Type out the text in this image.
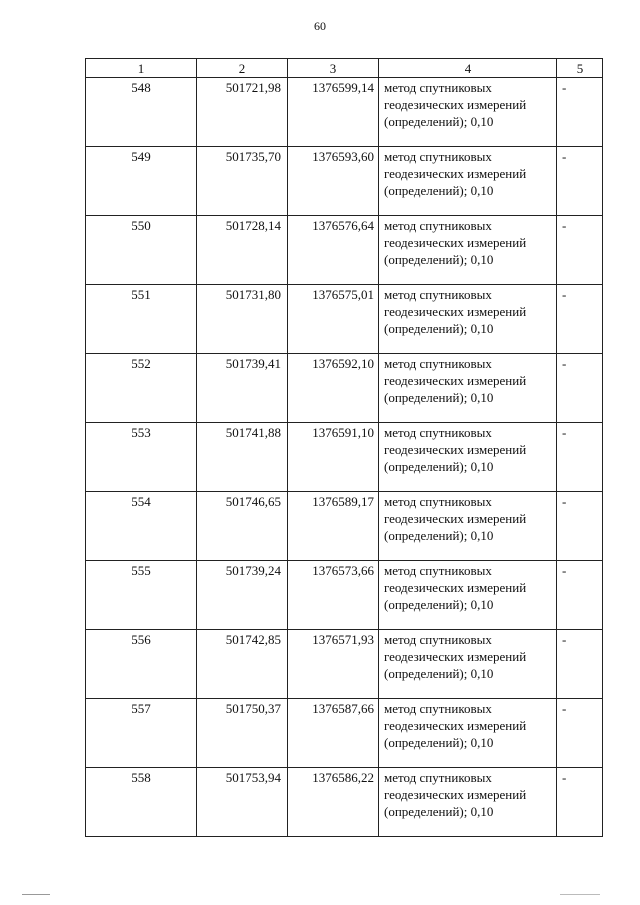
60
1	2	3	4	5
548	501721,98	1376599,14	метод спутниковых геодезических измерений (определений); 0,10	-
549	501735,70	1376593,60	метод спутниковых геодезических измерений (определений); 0,10	-
550	501728,14	1376576,64	метод спутниковых геодезических измерений (определений); 0,10	-
551	501731,80	1376575,01	метод спутниковых геодезических измерений (определений); 0,10	-
552	501739,41	1376592,10	метод спутниковых геодезических измерений (определений); 0,10	-
553	501741,88	1376591,10	метод спутниковых геодезических измерений (определений); 0,10	-
554	501746,65	1376589,17	метод спутниковых геодезических измерений (определений); 0,10	-
555	501739,24	1376573,66	метод спутниковых геодезических измерений (определений); 0,10	-
556	501742,85	1376571,93	метод спутниковых геодезических измерений (определений); 0,10	-
557	501750,37	1376587,66	метод спутниковых геодезических измерений (определений); 0,10	-
558	501753,94	1376586,22	метод спутниковых геодезических измерений (определений); 0,10	-
